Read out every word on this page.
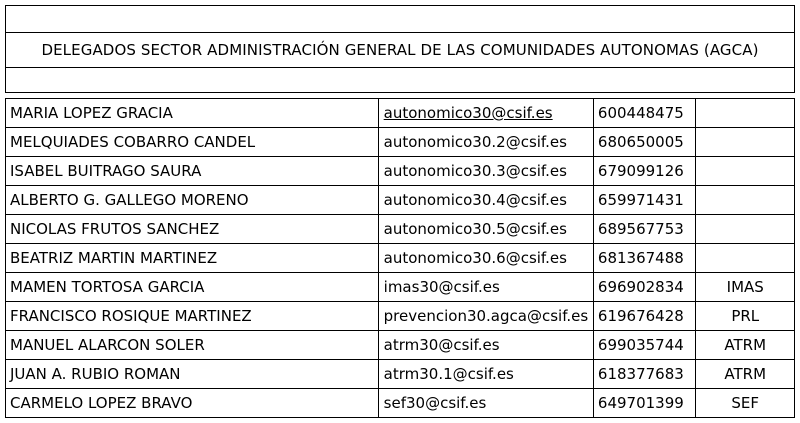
DELEGADOS SECTOR ADMINISTRACIÓN GENERAL DE LAS COMUNIDADES AUTONOMAS (AGCA)
MARIA LOPEZ GRACIA	autonomico30@csif.es	600448475	
MELQUIADES COBARRO CANDEL	autonomico30.2@csif.es	680650005	
ISABEL BUITRAGO SAURA	autonomico30.3@csif.es	679099126	
ALBERTO G. GALLEGO MORENO	autonomico30.4@csif.es	659971431	
NICOLAS FRUTOS SANCHEZ	autonomico30.5@csif.es	689567753	
BEATRIZ MARTIN MARTINEZ	autonomico30.6@csif.es	681367488	
MAMEN TORTOSA GARCIA	imas30@csif.es	696902834	IMAS
FRANCISCO ROSIQUE MARTINEZ	prevencion30.agca@csif.es	619676428	PRL
MANUEL ALARCON SOLER	atrm30@csif.es	699035744	ATRM
JUAN A. RUBIO ROMAN	atrm30.1@csif.es	618377683	ATRM
CARMELO LOPEZ BRAVO	sef30@csif.es	649701399	SEF
